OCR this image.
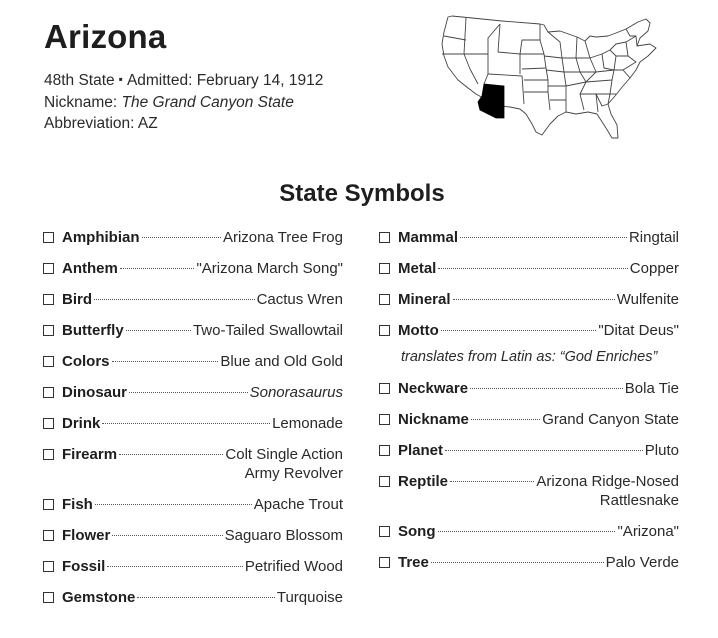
Arizona
48th State ▪ Admitted: February 14, 1912
Nickname: The Grand Canyon State
Abbreviation: AZ
State Symbols
Amphibian	Arizona Tree Frog
Anthem	"Arizona March Song"
Bird	Cactus Wren
Butterfly	Two-Tailed Swallowtail
Colors	Blue and Old Gold
Dinosaur	Sonorasaurus
Drink	Lemonade
Firearm	Colt Single Action
Army Revolver
Fish	Apache Trout
Flower	Saguaro Blossom
Fossil	Petrified Wood
Gemstone	Turquoise
Mammal	Ringtail
Metal	Copper
Mineral	Wulfenite
Motto	"Ditat Deus"
translates from Latin as: “God Enriches”
Neckware	Bola Tie
Nickname	Grand Canyon State
Planet	Pluto
Reptile	Arizona Ridge-Nosed
Rattlesnake
Song	"Arizona"
Tree	Palo Verde
